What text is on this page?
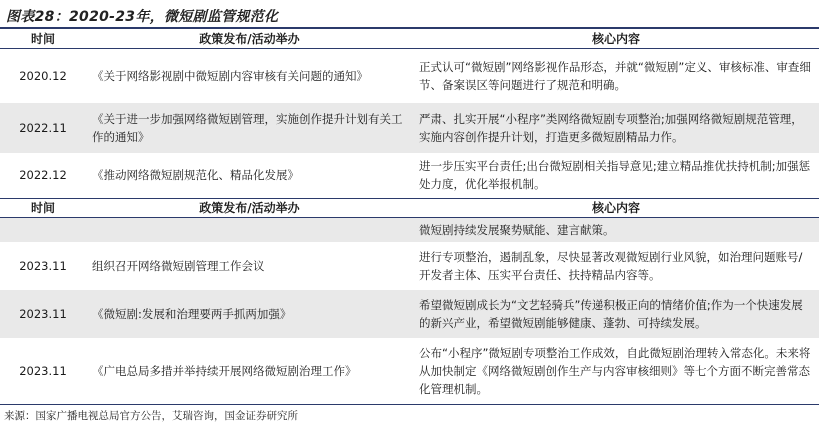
图表28：2020-23年，微短剧监管规范化
时间	政策发布/活动举办	核心内容
2020.12	《关于网络影视剧中微短剧内容审核有关问题的通知》	正式认可“微短剧”网络影视作品形态，并就“微短剧”定义、审核标准、审查细节、备案误区等问题进行了规范和明确。
2022.11	《关于进一步加强网络微短剧管理，实施创作提升计划有关工作的通知》	严肃、扎实开展“小程序”类网络微短剧专项整治;加强网络微短剧规范管理，实施内容创作提升计划，打造更多微短剧精品力作。
2022.12	《推动网络微短剧规范化、精品化发展》	进一步压实平台责任;出台微短剧相关指导意见;建立精品推优扶持机制;加强惩处力度，优化举报机制。
时间	政策发布/活动举办	核心内容
		微短剧持续发展聚势赋能、建言献策。
2023.11	组织召开网络微短剧管理工作会议	进行专项整治，遏制乱象，尽快显著改观微短剧行业风貌，如治理问题账号/开发者主体、压实平台责任、扶持精品内容等。
2023.11	《微短剧:发展和治理要两手抓两加强》	希望微短剧成长为“文艺轻骑兵”传递积极正向的情绪价值;作为一个快速发展的新兴产业，希望微短剧能够健康、蓬勃、可持续发展。
2023.11	《广电总局多措并举持续开展网络微短剧治理工作》	公布“小程序”微短剧专项整治工作成效，自此微短剧治理转入常态化。未来将从加快制定《网络微短剧创作生产与内容审核细则》等七个方面不断完善常态化管理机制。
来源：国家广播电视总局官方公告，艾瑞咨询，国金证券研究所
